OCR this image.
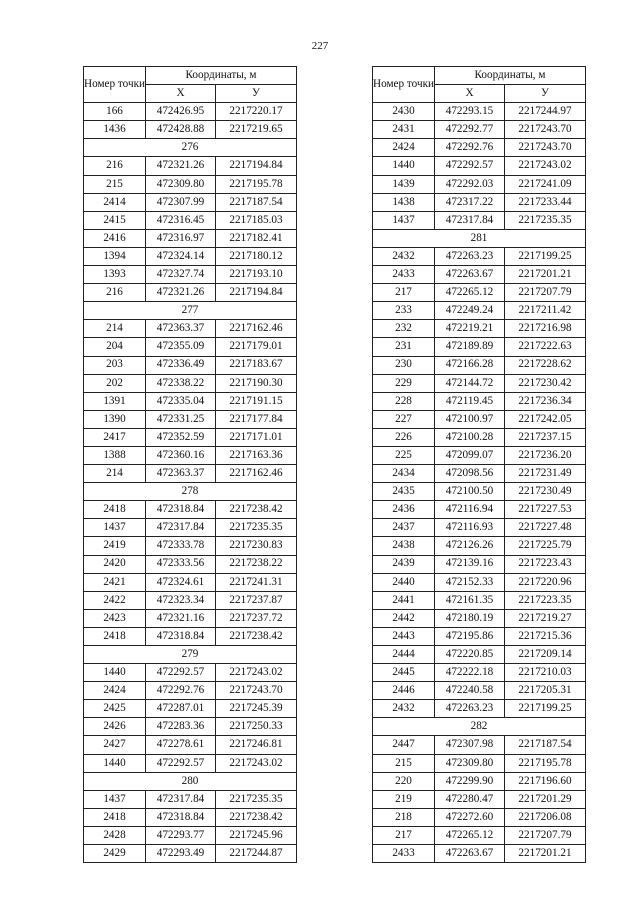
227
Номер точки	Координаты, м	
	X	У
166	472426.95	2217220.17
1436	472428.88	2217219.65
276		
216	472321.26	2217194.84
215	472309.80	2217195.78
2414	472307.99	2217187.54
2415	472316.45	2217185.03
2416	472316.97	2217182.41
1394	472324.14	2217180.12
1393	472327.74	2217193.10
216	472321.26	2217194.84
277		
214	472363.37	2217162.46
204	472355.09	2217179.01
203	472336.49	2217183.67
202	472338.22	2217190.30
1391	472335.04	2217191.15
1390	472331.25	2217177.84
2417	472352.59	2217171.01
1388	472360.16	2217163.36
214	472363.37	2217162.46
278		
2418	472318.84	2217238.42
1437	472317.84	2217235.35
2419	472333.78	2217230.83
2420	472333.56	2217238.22
2421	472324.61	2217241.31
2422	472323.34	2217237.87
2423	472321.16	2217237.72
2418	472318.84	2217238.42
279		
1440	472292.57	2217243.02
2424	472292.76	2217243.70
2425	472287.01	2217245.39
2426	472283.36	2217250.33
2427	472278.61	2217246.81
1440	472292.57	2217243.02
280		
1437	472317.84	2217235.35
2418	472318.84	2217238.42
2428	472293.77	2217245.96
2429	472293.49	2217244.87
Номер точки	Координаты, м	
	X	У
2430	472293.15	2217244.97
2431	472292.77	2217243.70
2424	472292.76	2217243.70
1440	472292.57	2217243.02
1439	472292.03	2217241.09
1438	472317.22	2217233.44
1437	472317.84	2217235.35
281		
2432	472263.23	2217199.25
2433	472263.67	2217201.21
217	472265.12	2217207.79
233	472249.24	2217211.42
232	472219.21	2217216.98
231	472189.89	2217222.63
230	472166.28	2217228.62
229	472144.72	2217230.42
228	472119.45	2217236.34
227	472100.97	2217242.05
226	472100.28	2217237.15
225	472099.07	2217236.20
2434	472098.56	2217231.49
2435	472100.50	2217230.49
2436	472116.94	2217227.53
2437	472116.93	2217227.48
2438	472126.26	2217225.79
2439	472139.16	2217223.43
2440	472152.33	2217220.96
2441	472161.35	2217223.35
2442	472180.19	2217219.27
2443	472195.86	2217215.36
2444	472220.85	2217209.14
2445	472222.18	2217210.03
2446	472240.58	2217205.31
2432	472263.23	2217199.25
282		
2447	472307.98	2217187.54
215	472309.80	2217195.78
220	472299.90	2217196.60
219	472280.47	2217201.29
218	472272.60	2217206.08
217	472265.12	2217207.79
2433	472263.67	2217201.21
